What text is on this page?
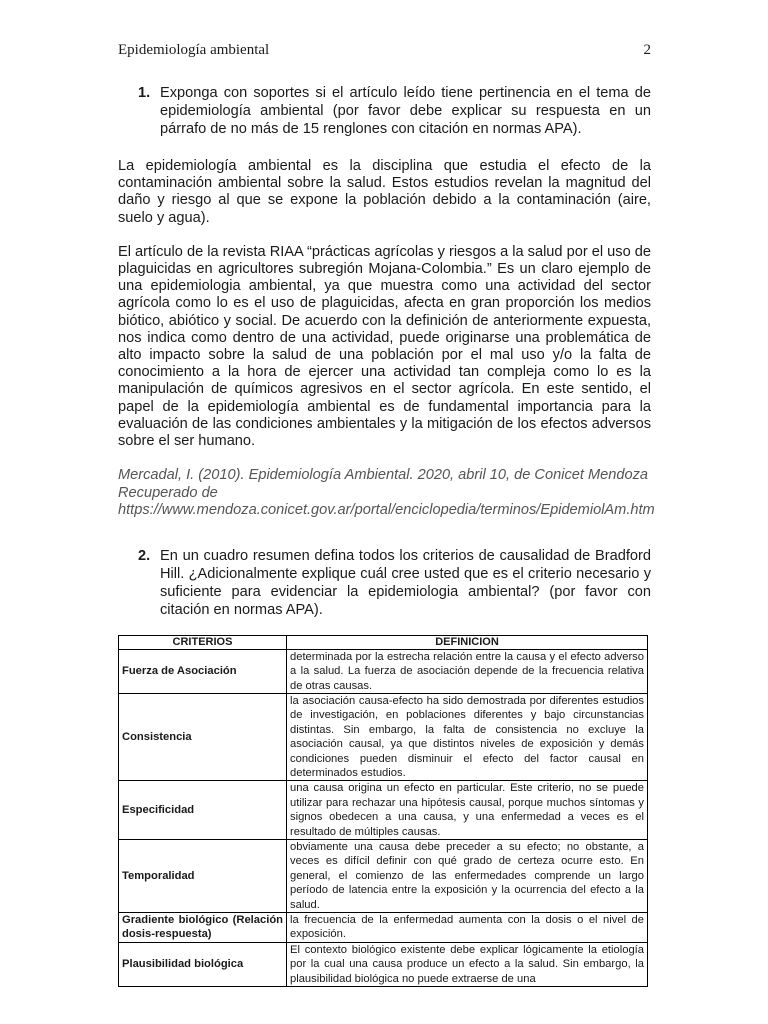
Epidemiología ambiental	2
1. Exponga con soportes si el artículo leído tiene pertinencia en el tema de epidemiología ambiental (por favor debe explicar su respuesta en un párrafo de no más de 15 renglones con citación en normas APA).

La epidemiología ambiental es la disciplina que estudia el efecto de la contaminación ambiental sobre la salud. Estos estudios revelan la magnitud del daño y riesgo al que se expone la población debido a la contaminación (aire, suelo y agua).

El artículo de la revista RIAA “prácticas agrícolas y riesgos a la salud por el uso de plaguicidas en agricultores subregión Mojana-Colombia.” Es un claro ejemplo de una epidemiologia ambiental, ya que muestra como una actividad del sector agrícola como lo es el uso de plaguicidas, afecta en gran proporción los medios biótico, abiótico y social. De acuerdo con la definición de anteriormente expuesta, nos indica como dentro de una actividad, puede originarse una problemática de alto impacto sobre la salud de una población por el mal uso y/o la falta de conocimiento a la hora de ejercer una actividad tan compleja como lo es la manipulación de químicos agresivos en el sector agrícola. En este sentido, el papel de la epidemiología ambiental es de fundamental importancia para la evaluación de las condiciones ambientales y la mitigación de los efectos adversos sobre el ser humano.

Mercadal, I. (2010). Epidemiología Ambiental. 2020, abril 10, de Conicet Mendoza

Recuperado de

https://www.mendoza.conicet.gov.ar/portal/enciclopedia/terminos/EpidemiolAm.htm

2. En un cuadro resumen defina todos los criterios de causalidad de Bradford Hill. ¿Adicionalmente explique cuál cree usted que es el criterio necesario y suficiente para evidenciar la epidemiologia ambiental? (por favor con citación en normas APA).
CRITERIOS	DEFINICION
Fuerza de Asociación	determinada por la estrecha relación entre la causa y el efecto adverso a la salud. La fuerza de asociación depende de la frecuencia relativa de otras causas.
Consistencia	la asociación causa-efecto ha sido demostrada por diferentes estudios de investigación, en poblaciones diferentes y bajo circunstancias distintas. Sin embargo, la falta de consistencia no excluye la asociación causal, ya que distintos niveles de exposición y demás condiciones pueden disminuir el efecto del factor causal en determinados estudios.
Especificidad	una causa origina un efecto en particular. Este criterio, no se puede utilizar para rechazar una hipótesis causal, porque muchos síntomas y signos obedecen a una causa, y una enfermedad a veces es el resultado de múltiples causas.
Temporalidad	obviamente una causa debe preceder a su efecto; no obstante, a veces es difícil definir con qué grado de certeza ocurre esto. En general, el comienzo de las enfermedades comprende un largo período de latencia entre la exposición y la ocurrencia del efecto a la salud.
Gradiente biológico (Relación dosis-respuesta)	la frecuencia de la enfermedad aumenta con la dosis o el nivel de exposición.
Plausibilidad biológica	El contexto biológico existente debe explicar lógicamente la etiología por la cual una causa produce un efecto a la salud. Sin embargo, la plausibilidad biológica no puede extraerse de una
